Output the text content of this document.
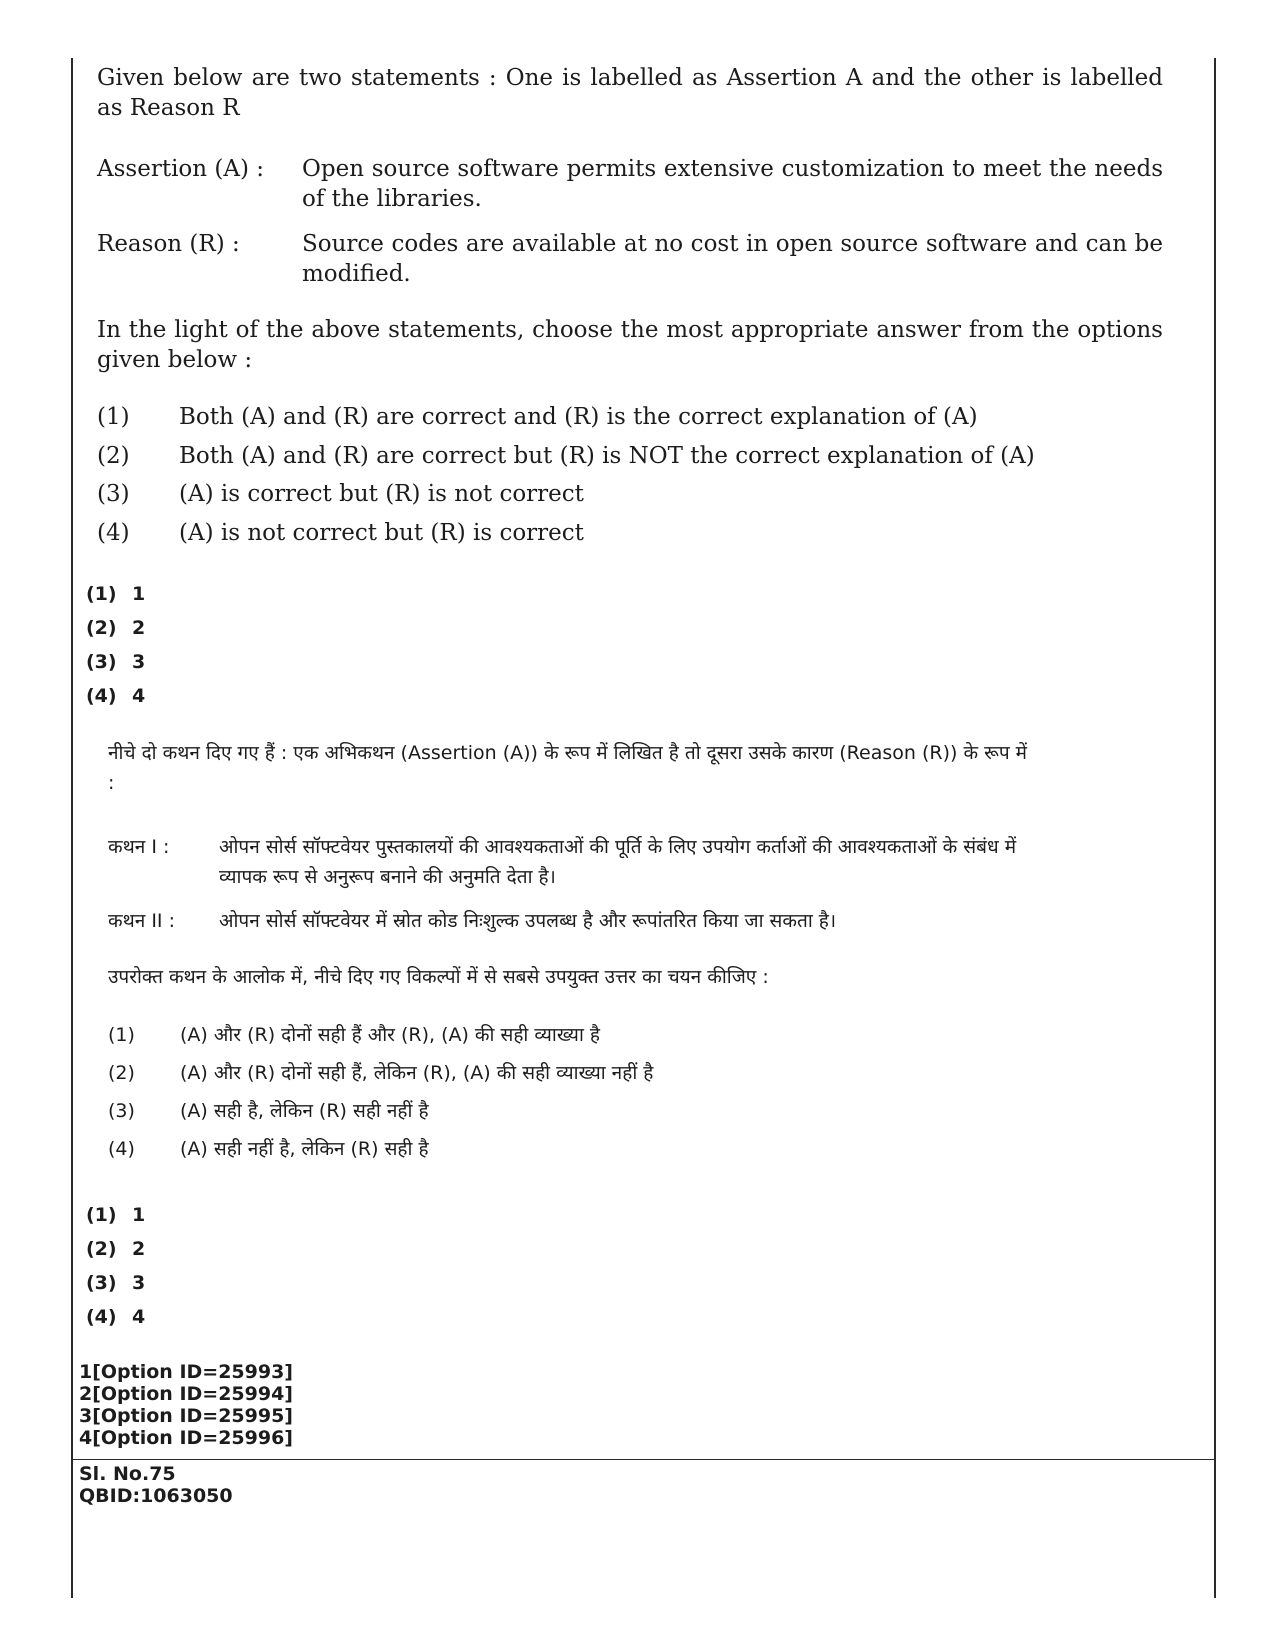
Given below are two statements : One is labelled as Assertion A and the other is labelled as Reason R
Assertion (A) : Open source software permits extensive customization to meet the needs of the libraries.
Reason (R) :	Source codes are available at no cost in open source software and can be modified.
In the light of the above statements, choose the most appropriate answer from the options given below :
(1) Both (A) and (R) are correct and (R) is the correct explanation of (A)
(2) Both (A) and (R) are correct but (R) is NOT the correct explanation of (A)
(3) (A) is correct but (R) is not correct
(4) (A) is not correct but (R) is correct
(1) 1
(2) 2
(3) 3
(4) 4
नीचे दो कथन दिए गए हैं : एक अभिकथन (Assertion (A)) के रूप में लिखित है तो दूसरा उसके कारण (Reason (R)) के रूप में :
कथन I :	ओपन सोर्स सॉफ्टवेयर पुस्तकालयों की आवश्यकताओं की पूर्ति के लिए उपयोग कर्ताओं की आवश्यकताओं के संबंध में व्यापक रूप से अनुरूप बनाने की अनुमति देता है।
कथन II : ओपन सोर्स सॉफ्टवेयर में स्रोत कोड निःशुल्क उपलब्ध है और रूपांतरित किया जा सकता है।
उपरोक्त कथन के आलोक में, नीचे दिए गए विकल्पों में से सबसे उपयुक्त उत्तर का चयन कीजिए :
(1) (A) और (R) दोनों सही हैं और (R), (A) की सही व्याख्या है
(2) (A) और (R) दोनों सही हैं, लेकिन (R), (A) की सही व्याख्या नहीं है
(3) (A) सही है, लेकिन (R) सही नहीं है
(4) (A) सही नहीं है, लेकिन (R) सही है
(1) 1
(2) 2
(3) 3
(4) 4
1[Option ID=25993]
2[Option ID=25994]
3[Option ID=25995]
4[Option ID=25996]
Sl. No.75
QBID:1063050
